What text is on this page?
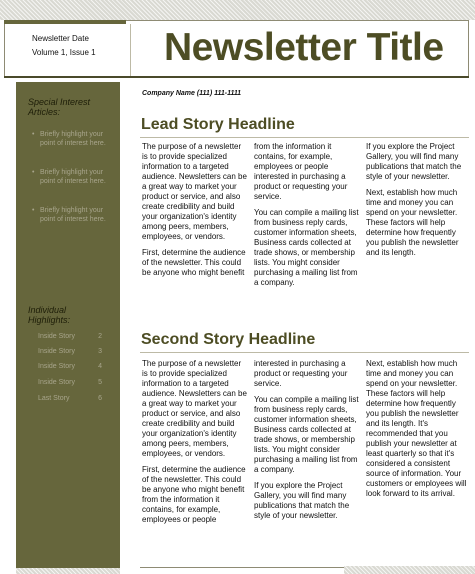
Newsletter Date
Volume 1, Issue 1 Newsletter Title
Special Interest Articles:
• Briefly highlight your point of interest here.
• Briefly highlight your point of interest here.
• Briefly highlight your point of interest here.
Individual Highlights:
Inside Story	2
Inside Story	3
Inside Story	4
Inside Story	5
Last Story	6
Company Name (111) 111-1111
Lead Story Headline

The purpose of a newsletter is to provide specialized information to a targeted audience. Newsletters can be a great way to market your product or service, and also create credibility and build your organization's identity among peers, members, employees, or vendors.

First, determine the audience of the newsletter. This could be anyone who might benefit

from the information it contains, for example, employees or people interested in purchasing a product or requesting your service.

You can compile a mailing list from business reply cards, customer information sheets, Business cards collected at trade shows, or membership lists. You might consider purchasing a mailing list from a company.

If you explore the Project Gallery, you will find many publications that match the style of your newsletter.

Next, establish how much time and money you can spend on your newsletter. These factors will help determine how frequently you publish the newsletter and its length.

Second Story Headline

The purpose of a newsletter is to provide specialized information to a targeted audience. Newsletters can be a great way to market your product or service, and also create credibility and build your organization's identity among peers, members, employees, or vendors.

First, determine the audience of the newsletter. This could be anyone who might benefit from the information it contains, for example, employees or people

interested in purchasing a product or requesting your service.

You can compile a mailing list from business reply cards, customer information sheets, Business cards collected at trade shows, or membership lists. You might consider purchasing a mailing list from a company.

If you explore the Project Gallery, you will find many publications that match the style of your newsletter.

Next, establish how much time and money you can spend on your newsletter. These factors will help determine how frequently you publish the newsletter and its length. It's recommended that you publish your newsletter at least quarterly so that it's considered a consistent source of information. Your customers or employees will look forward to its arrival.
